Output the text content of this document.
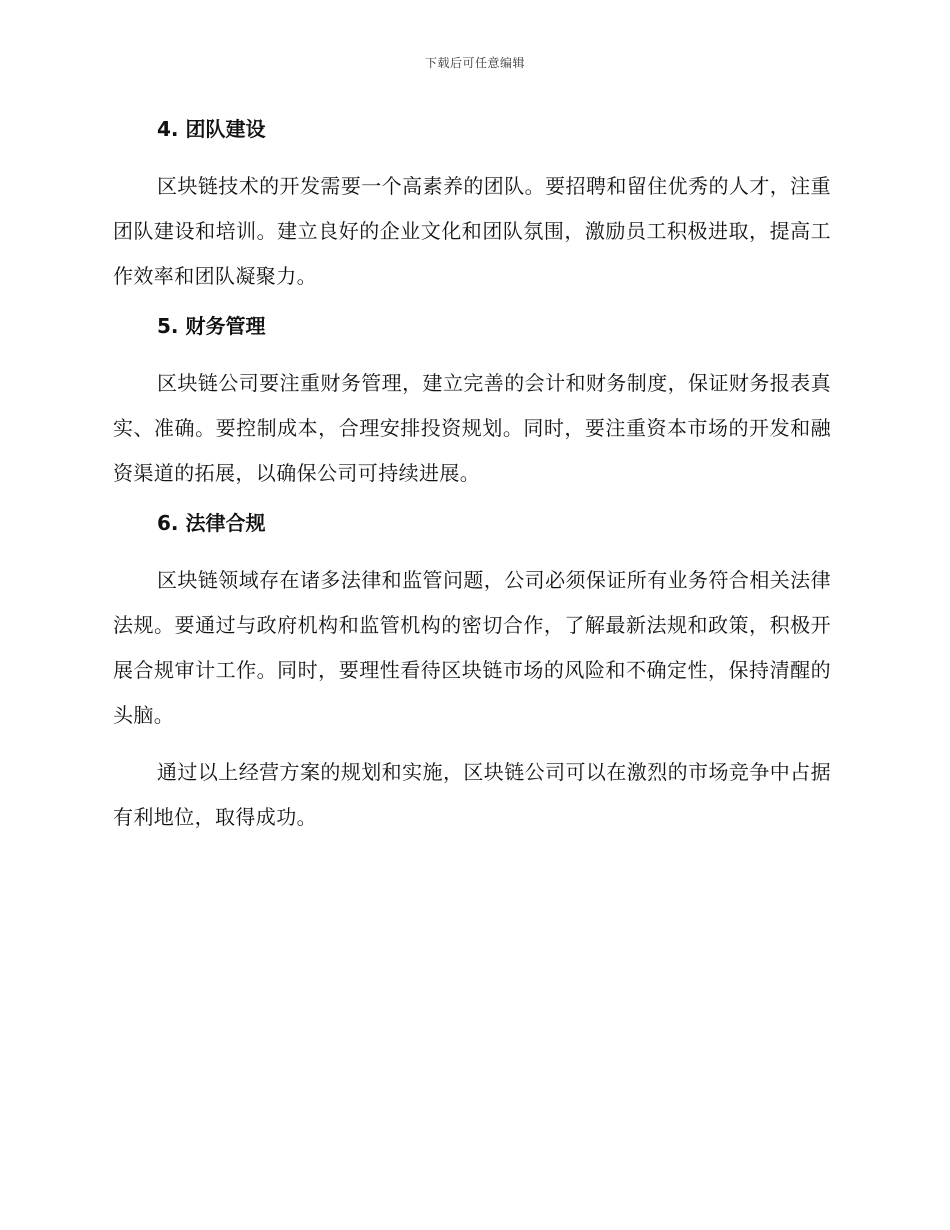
下载后可任意编辑
4. 团队建设

区块链技术的开发需要一个高素养的团队。要招聘和留住优秀的人才，注重团队建设和培训。建立良好的企业文化和团队氛围，激励员工积极进取，提高工作效率和团队凝聚力。

5. 财务管理

区块链公司要注重财务管理，建立完善的会计和财务制度，保证财务报表真实、准确。要控制成本，合理安排投资规划。同时，要注重资本市场的开发和融资渠道的拓展，以确保公司可持续进展。

6. 法律合规

区块链领域存在诸多法律和监管问题，公司必须保证所有业务符合相关法律法规。要通过与政府机构和监管机构的密切合作，了解最新法规和政策，积极开展合规审计工作。同时，要理性看待区块链市场的风险和不确定性，保持清醒的头脑。

通过以上经营方案的规划和实施，区块链公司可以在激烈的市场竞争中占据有利地位，取得成功。
